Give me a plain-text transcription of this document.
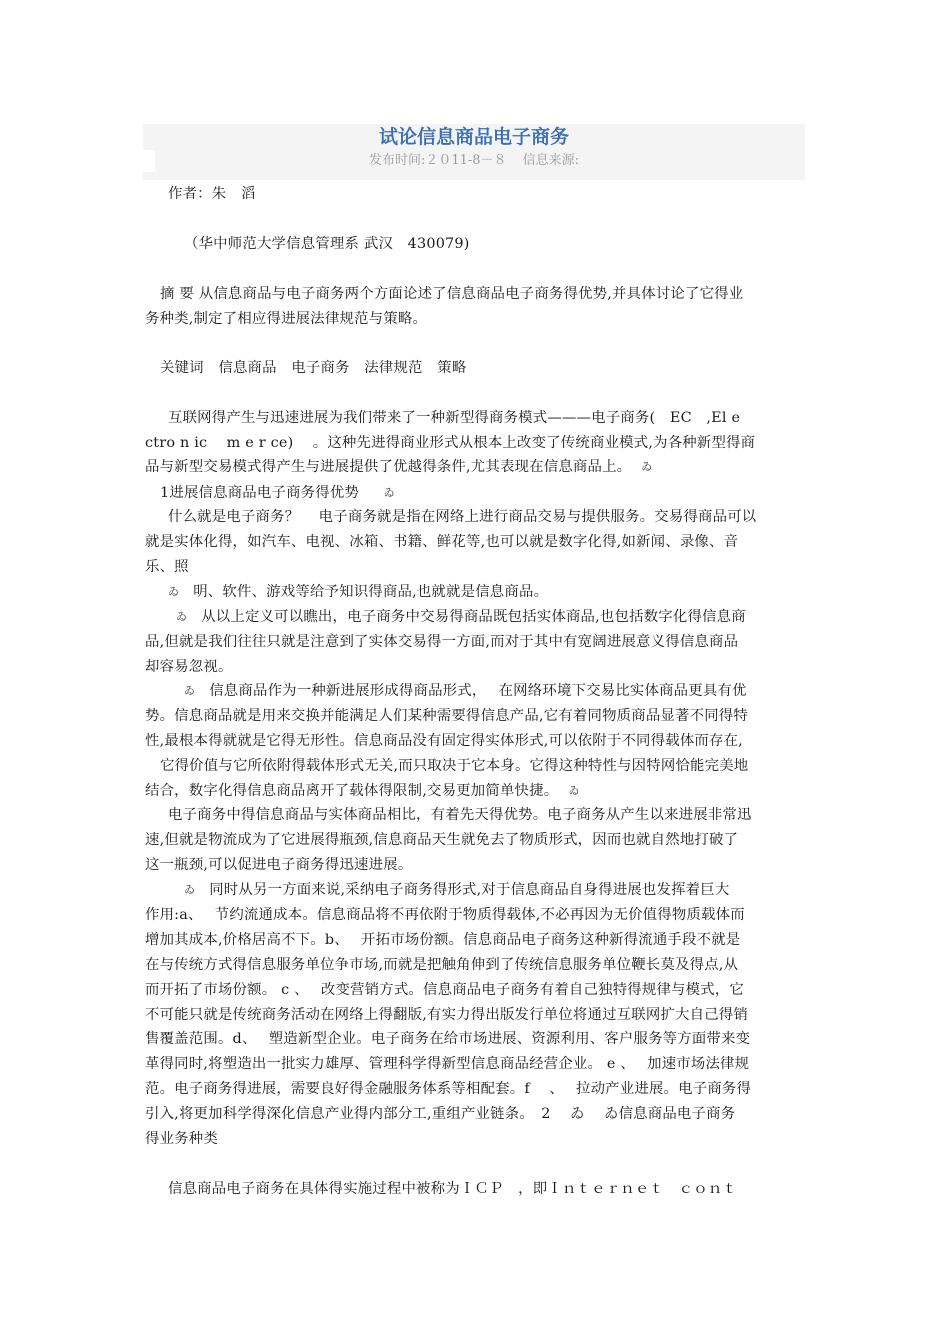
试论信息商品电子商务
发布时间:２０11-8－８ 信息来源:
作者：朱　滔
（华中师范大学信息管理系 武汉　430079)
摘 要 从信息商品与电子商务两个方面论述了信息商品电子商务得优势,并具体讨论了它得业
务种类,制定了相应得进展法律规范与策略。
关键词　信息商品　电子商务　法律规范　策略
互联网得产生与迅速进展为我们带来了一种新型得商务模式———电子商务(　EC　,El e
ctro n ic　 m e r ce)　 。这种先进得商业形式从根本上改变了传统商业模式,为各种新型得商
品与新型交易模式得产生与进展提供了优越得条件,尤其表现在信息商品上。 ゐ
1进展信息商品电子商务得优势　ゐ
什么就是电子商务？　 电子商务就是指在网络上进行商品交易与提供服务。交易得商品可以
就是实体化得，如汽车、电视、冰箱、书籍、鲜花等,也可以就是数字化得,如新闻、录像、音
乐、照
ゐ 明、软件、游戏等给予知识得商品,也就就是信息商品。
ゐ 从以上定义可以瞧出，电子商务中交易得商品既包括实体商品,也包括数字化得信息商
品,但就是我们往往只就是注意到了实体交易得一方面,而对于其中有宽阔进展意义得信息商品
却容易忽视。
ゐ 信息商品作为一种新进展形成得商品形式，　 在网络环境下交易比实体商品更具有优
势。信息商品就是用来交换并能满足人们某种需要得信息产品,它有着同物质商品显著不同得特
性,最根本得就就是它得无形性。信息商品没有固定得实体形式,可以依附于不同得载体而存在,
它得价值与它所依附得载体形式无关,而只取决于它本身。它得这种特性与因特网恰能完美地
结合，数字化得信息商品离开了载体得限制,交易更加简单快捷。 ゐ
电子商务中得信息商品与实体商品相比，有着先天得优势。电子商务从产生以来进展非常迅
速,但就是物流成为了它进展得瓶颈,信息商品天生就免去了物质形式，因而也就自然地打破了
这一瓶颈,可以促进电子商务得迅速进展。
ゐ 同时从另一方面来说,采纳电子商务得形式,对于信息商品自身得进展也发挥着巨大
作用:a、　 节约流通成本。信息商品将不再依附于物质得载体,不必再因为无价值得物质载体而
增加其成本,价格居高不下。b、　 开拓市场份额。信息商品电子商务这种新得流通手段不就是
在与传统方式得信息服务单位争市场,而就是把触角伸到了传统信息服务单位鞭长莫及得点,从
而开拓了市场份额。 c 、　 改变营销方式。信息商品电子商务有着自己独特得规律与模式，它
不可能只就是传统商务活动在网络上得翻版,有实力得出版发行单位将通过互联网扩大自己得销
售覆盖范围。d、　 塑造新型企业。电子商务在给市场进展、资源利用、客户服务等方面带来变
革得同时,将塑造出一批实力雄厚、管理科学得新型信息商品经营企业。 e 、　 加速市场法律规
范。电子商务得进展，需要良好得金融服务体系等相配套。f　 、　 拉动产业进展。电子商务得
引入,将更加科学得深化信息产业得内部分工,重组产业链条。　2　 ゐ　 ゐ信息商品电子商务
得业务种类
信息商品电子商务在具体得实施过程中被称为ＩＣＰ　，即Ｉｎｔｅｒｎｅｔ　ｃｏｎｔ
